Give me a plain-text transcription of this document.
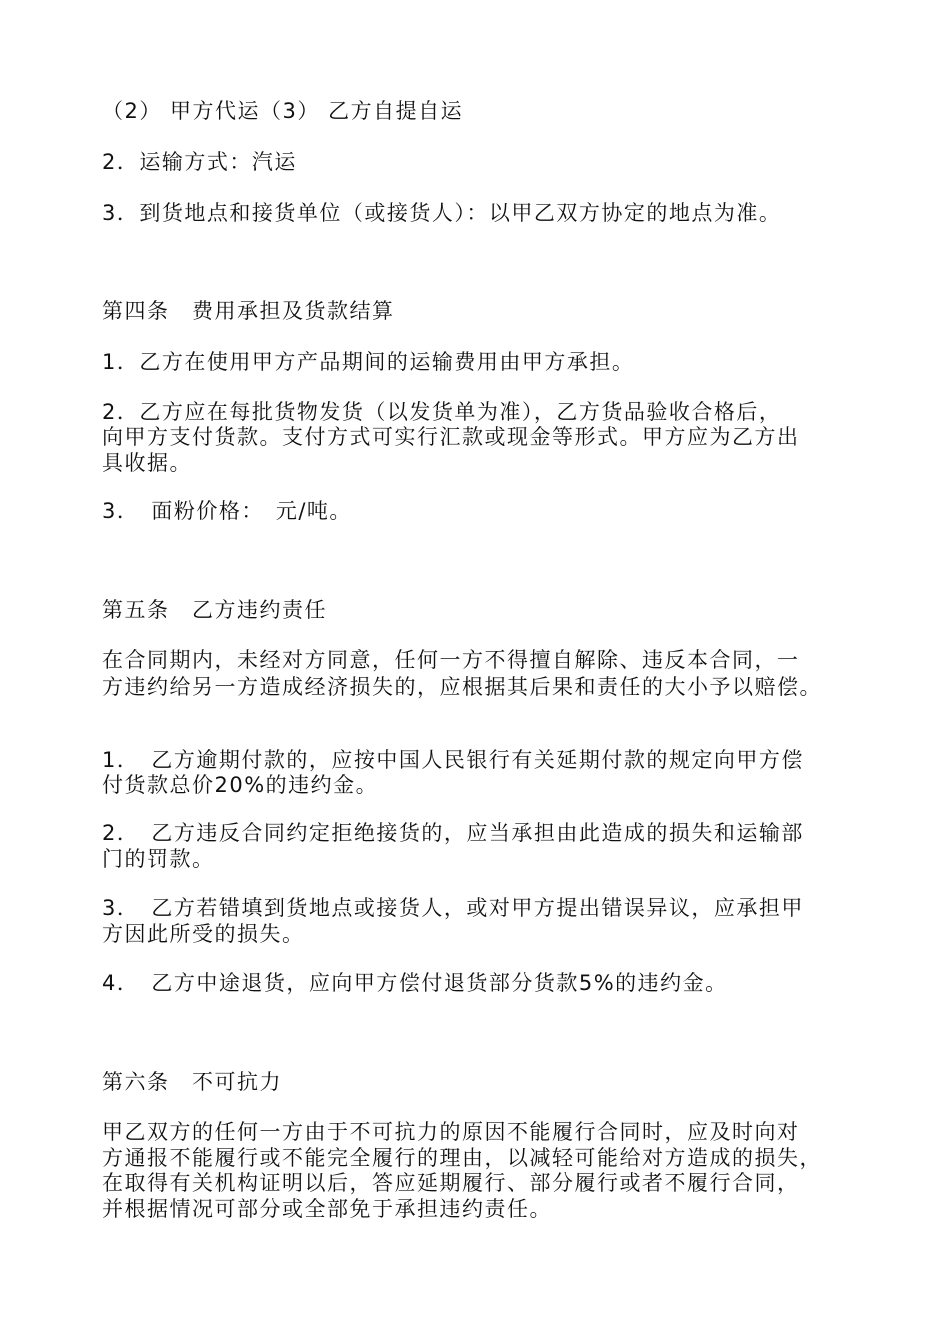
（2） 甲方代运（3） 乙方自提自运

2．运输方式：汽运

3．到货地点和接货单位（或接货人）：以甲乙双方协定的地点为准。

第四条　费用承担及货款结算

1．乙方在使用甲方产品期间的运输费用由甲方承担。

2．乙方应在每批货物发货（以发货单为准），乙方货品验收合格后，

向甲方支付货款。支付方式可实行汇款或现金等形式。甲方应为乙方出

具收据。

3．　面粉价格：　元/吨。

第五条　乙方违约责任

在合同期内，未经对方同意，任何一方不得擅自解除、违反本合同，一

方违约给另一方造成经济损失的，应根据其后果和责任的大小予以赔偿。

1．　乙方逾期付款的，应按中国人民银行有关延期付款的规定向甲方偿

付货款总价20%的违约金。

2．　乙方违反合同约定拒绝接货的，应当承担由此造成的损失和运输部

门的罚款。

3．　乙方若错填到货地点或接货人，或对甲方提出错误异议，应承担甲

方因此所受的损失。

4．　乙方中途退货，应向甲方偿付退货部分货款5%的违约金。

第六条　不可抗力

甲乙双方的任何一方由于不可抗力的原因不能履行合同时，应及时向对

方通报不能履行或不能完全履行的理由，以减轻可能给对方造成的损失，

在取得有关机构证明以后，答应延期履行、部分履行或者不履行合同，

并根据情况可部分或全部免于承担违约责任。
